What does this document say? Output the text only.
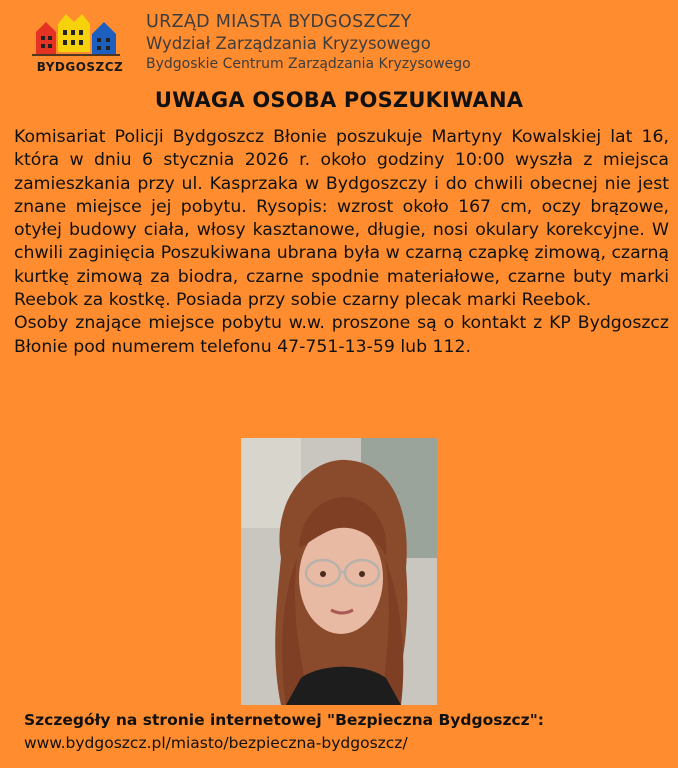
BYDGOSZCZ
URZĄD MIASTA BYDGOSZCZY
Wydział Zarządzania Kryzysowego
Bydgoskie Centrum Zarządzania Kryzysowego
UWAGA OSOBA POSZUKIWANA

Komisariat Policji Bydgoszcz Błonie poszukuje Martyny Kowalskiej lat 16, która w dniu 6 stycznia 2026 r. około godziny 10:00 wyszła z miejsca zamieszkania przy ul. Kasprzaka w Bydgoszczy i do chwili obecnej nie jest znane miejsce jej pobytu. Rysopis: wzrost około 167 cm, oczy brązowe, otyłej budowy ciała, włosy kasztanowe, długie, nosi okulary korekcyjne. W chwili zaginięcia Poszukiwana ubrana była w czarną czapkę zimową, czarną kurtkę zimową za biodra, czarne spodnie materiałowe, czarne buty marki Reebok za kostkę. Posiada przy sobie czarny plecak marki Reebok.

Osoby znające miejsce pobytu w.w. proszone są o kontakt z KP Bydgoszcz Błonie pod numerem telefonu 47-751-13-59 lub 112.

Szczegóły na stronie internetowej "Bezpieczna Bydgoszcz":
www.bydgoszcz.pl/miasto/bezpieczna-bydgoszcz/
